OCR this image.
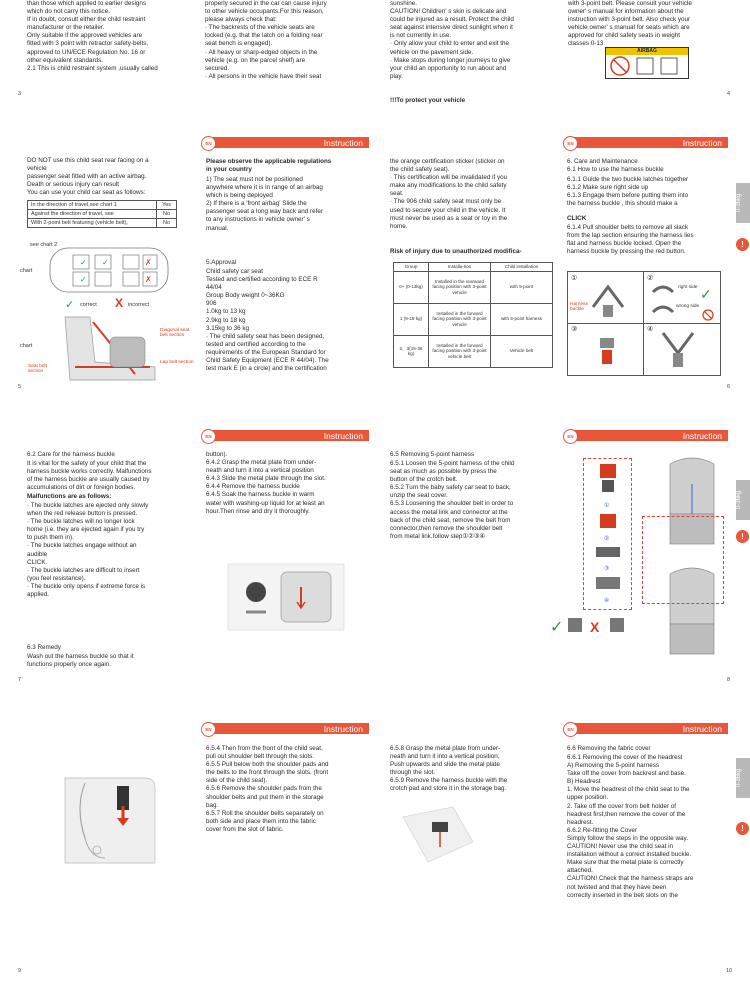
than those which applied to earlier designs
which do not carry this notice.
If in doubt, consult either the child restraint
manufacturer or the retailer.
Only suitable if the approved vehicles are
fitted with 3 point with retractor safety-belts,
approved to UN/ECE Regulation No. 16 or
other equivalent standards.
2.1 This is child restraint system ,usually called
properly secured in the car can cause injury
to other vehicle occupants.For this reason,
please always check that:
· The backrests of the vehicle seats are
locked (e.g. that the latch on a folding rear
seat bench is engaged).
· All heavy or sharp-edged objects in the
vehicle (e.g. on the parcel shelf) are
secured.
· All persons in the vehicle have their seat
3
sunshine.
CAUTION! Children' s skin is delicate and
could be injured as a result. Protect the child
seat against intensive direct sunlight when it
is not currently in use.
· Only allow your child to enter and exit the
vehicle on the pavement side.
· Make stops during longer journeys to give
your child an opportunity to run about and
play.
!!!To protect your vehicle
with 3-point belt. Please consult your vehicle
owner' s manual for information about the
instruction with 3-point belt. Also check your
vehicle owner' s manual for seats which are
approved for child safety seats in weight
classes 0-13
AIRBAG
4
Instruction
EN	Instruction
EN
DO NOT use this child seat rear facing on a
vehicle
passenger seat fitted with an active airbag.
Death or serious injury can result
You can use your child car seat as follows:
In the direction of travel,see chart 1	Yes
Against the direction of travel, see	No
With 2-point belt featuring (vehicle belt),	No
see chart 2
chart
✓ ✓
✓
✗
✗
✓ correct X incorrect
Diagonal seat belt section
chart
Seat belt section
Lap belt section
5
Please observe the applicable regulations
in your country
1) The seat must not be positioned
anywhere where it is in range of an airbag
which is being deployed
2) If there is a 'front airbag' Slide the
passenger seat a long way back and refer
to any instructions in vehicle owner' s
manual.
5.Approval
Child safety car seat
Tested and certified according to ECE R
44/04
Group Body weight 0~36KG
906
1.0kg to 13 kg
2.9kg to 18 kg
3.15kg to 36 kg
· The child safety seat has been designed,
tested and certified according to the
requirements of the European Standard for
Child Safety Equipment (ECE R 44/04). The
test mark E (in a circle) and the certification
the orange certification sticker (sticker on
the child safety seat).
· This certification will be invalidated if you
make any modifications to the child safety
seat.
· The 906 child safety seat must only be
used to secure your child in the vehicle. It
must never be used as a seat or toy in the
home.
Risk of injury due to unauthorized modifica-
Group	Installa-tion	Child installation
0+ (0-13kg)	Installed in the rearward facing position with 3-point vehicle	with 5-point
1 (9-18 kg)	Installed in the forward facing position with 3-point vehicle	with 5-point harness
2、3(15-36 kg)	Installed in the forward facing position with 3-point vehicle belt	Vehicle belt
6. Care and Maintenance
6.1 How to use the harness buckle
6.1.1 Guide the two buckle latches together
6.1.2 Make sure right side up
6.1.3 Engage them before putting them into
the harness buckle , this should make a
CLICK
6.1.4 Pull shoulder belts to remove all slack
from the lap section ensuring the harness lies
flat and harness buckle locked. Open the
harness buckle by pressing the red button.
0-36kg
!
①	②
③	④
✓
right side
wrong side
Harness buckle
6
Instruction
EN	Instruction
EN
6.2 Care for the harness buckle
It is vital for the safety of your child that the
harness buckle works correctly. Malfunctions
of the harness buckle are usually caused by
accumulations of dirt or foreign bodies.
Malfunctions are as follows:
· The buckle latches are ejected only slowly
when the red release button is pressed.
· The buckle latches will no longer lock
home (i.e. they are ejected again if you try
to push them in).
· The buckle latches engage without an
audible
CLICK.
· The buckle latches are difficult to insert
(you feel resistance).
· The buckle only opens if extreme force is
applied.
6.3 Remedy
Wash out the harness buckle so that it
functions properly once again.
7
button).
6.4.2 Grasp the metal plate from under-
neath and turn it into a vertical position
6.4.3 Slide the metal plate through the slot.
6.4.4 Remove the harness buckle
6.4.5 Soak the harness buckle in warm
water with washing-up liquid for at least an
hour.Then rinse and dry it thoroughly.
6.5 Removing 5-point harness
6.5.1 Loosen the 5-point harness of the child
seat as much as possible by press the
button of the crotch belt.
6.5.2 Turn the baby safety car seat to back,
unzip the seat cover.
6.5.3 Loosening the shoulder belt in order to
access the metal link and connector at the
back of the child seat, remove the belt from
connector,then remove the shoulder belt
from metal link.follow step①②③④
①
②
③
④
✓ X
0-36kg
!
8
Instruction
EN	Instruction
EN
9
6.5.4 Then from the front of the child seat,
pull out shoulder belt through the slots.
6.5.5 Pull below both the shoulder pads and
the belts to the front through the slots. (front
side of the child seat).
6.5.6 Remove the shoulder pads from the
shoulder belts and put them in the storage
bag.
6.5.7 Roll the shoulder belts separately on
both side and place them into the fabric
cover from the slot of fabric.
6.5.8 Grasp the metal plate from under-
neath and turn it into a vertical position,
Push upwards and slide the metal plate
through the slot.
6.5.9 Remove the harness buckle with the
crotch pad and store it in the storage bag.
6.6 Removing the fabric cover
6.6.1 Removing the cover of the headrest
A) Removing the 5-point harness
Take off the cover from backrest and base.
B) Headrest
1. Move the headrest of the child seat to the
upper position.
2. Take off the cover from belt holder of
headrest first,then remove the cover of the
headrest.
6.6.2 Re-fitting the Cover
Simply follow the steps in the opposite way.
CAUTION! Never use the child seat in
installation without a correct installed buckle.
Make sure that the metal plate is correctly
attached.
CAUTION! Check that the harness straps are
not twisted and that they have been
correctly inserted in the belt slots on the
0-36kg
!
10
